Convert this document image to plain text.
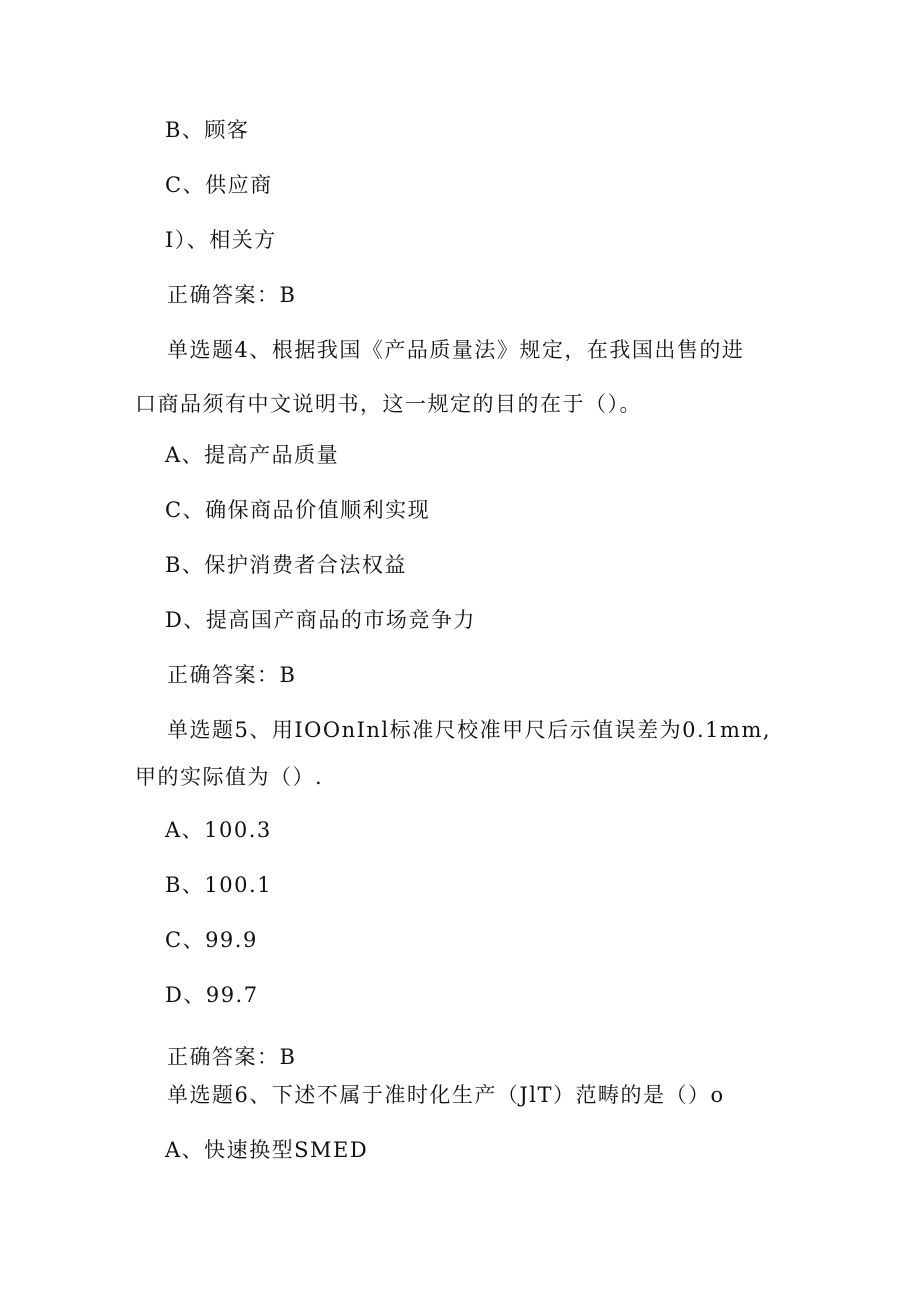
B、顾客
C、供应商
I）、相关方
正确答案：B
单选题4、根据我国《产品质量法》规定，在我国出售的进
口商品须有中文说明书，这一规定的目的在于（）。
A、提高产品质量
C、确保商品价值顺利实现
B、保护消费者合法权益
D、提高国产商品的市场竞争力
正确答案：B
单选题5、用IOOnInl标准尺校准甲尺后示值误差为0.1mm,
甲的实际值为（）.
A、100.3
B、100.1
C、99.9
D、99.7
正确答案：B
单选题6、下述不属于准时化生产（JlT）范畴的是（）o
A、快速换型SMED
